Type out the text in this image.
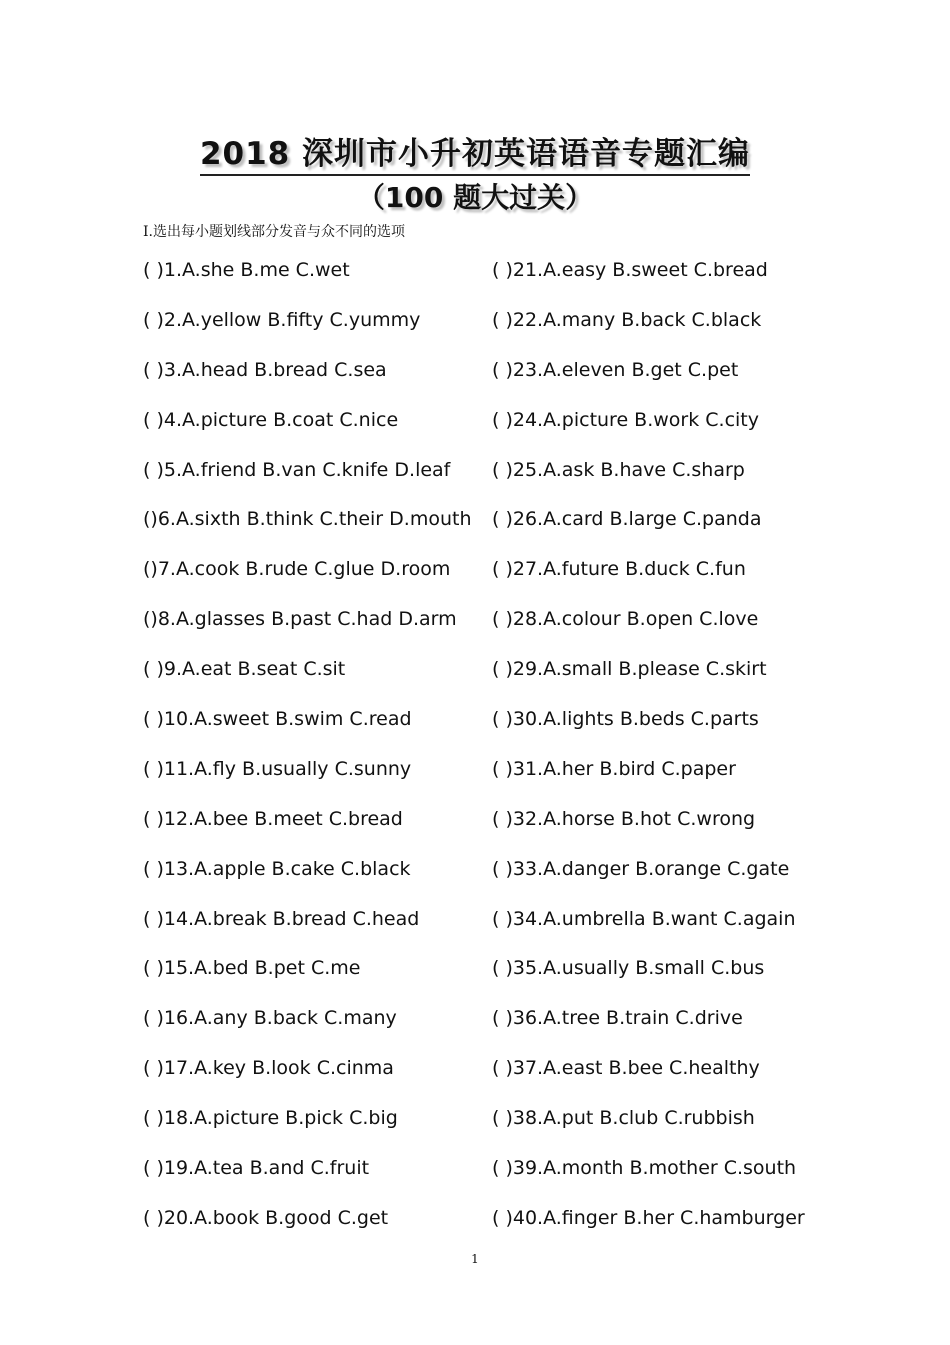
2018 深圳市小升初英语语音专题汇编
（100 题大过关）
I.选出每小题划线部分发音与众不同的选项
( )1.A.she B.me C.wet
( )2.A.yellow B.fifty C.yummy
( )3.A.head B.bread C.sea
( )4.A.picture B.coat C.nice
( )5.A.friend B.van C.knife D.leaf
()6.A.sixth B.think C.their D.mouth
()7.A.cook B.rude C.glue D.room
()8.A.glasses B.past C.had D.arm
( )9.A.eat B.seat C.sit
( )10.A.sweet B.swim C.read
( )11.A.fly B.usually C.sunny
( )12.A.bee B.meet C.bread
( )13.A.apple B.cake C.black
( )14.A.break B.bread C.head
( )15.A.bed B.pet C.me
( )16.A.any B.back C.many
( )17.A.key B.look C.cinma
( )18.A.picture B.pick C.big
( )19.A.tea B.and C.fruit
( )20.A.book B.good C.get
( )21.A.easy B.sweet C.bread
( )22.A.many B.back C.black
( )23.A.eleven B.get C.pet
( )24.A.picture B.work C.city
( )25.A.ask B.have C.sharp
( )26.A.card B.large C.panda
( )27.A.future B.duck C.fun
( )28.A.colour B.open C.love
( )29.A.small B.please C.skirt
( )30.A.lights B.beds C.parts
( )31.A.her B.bird C.paper
( )32.A.horse B.hot C.wrong
( )33.A.danger B.orange C.gate
( )34.A.umbrella B.want C.again
( )35.A.usually B.small C.bus
( )36.A.tree B.train C.drive
( )37.A.east B.bee C.healthy
( )38.A.put B.club C.rubbish
( )39.A.month B.mother C.south
( )40.A.finger B.her C.hamburger
1
